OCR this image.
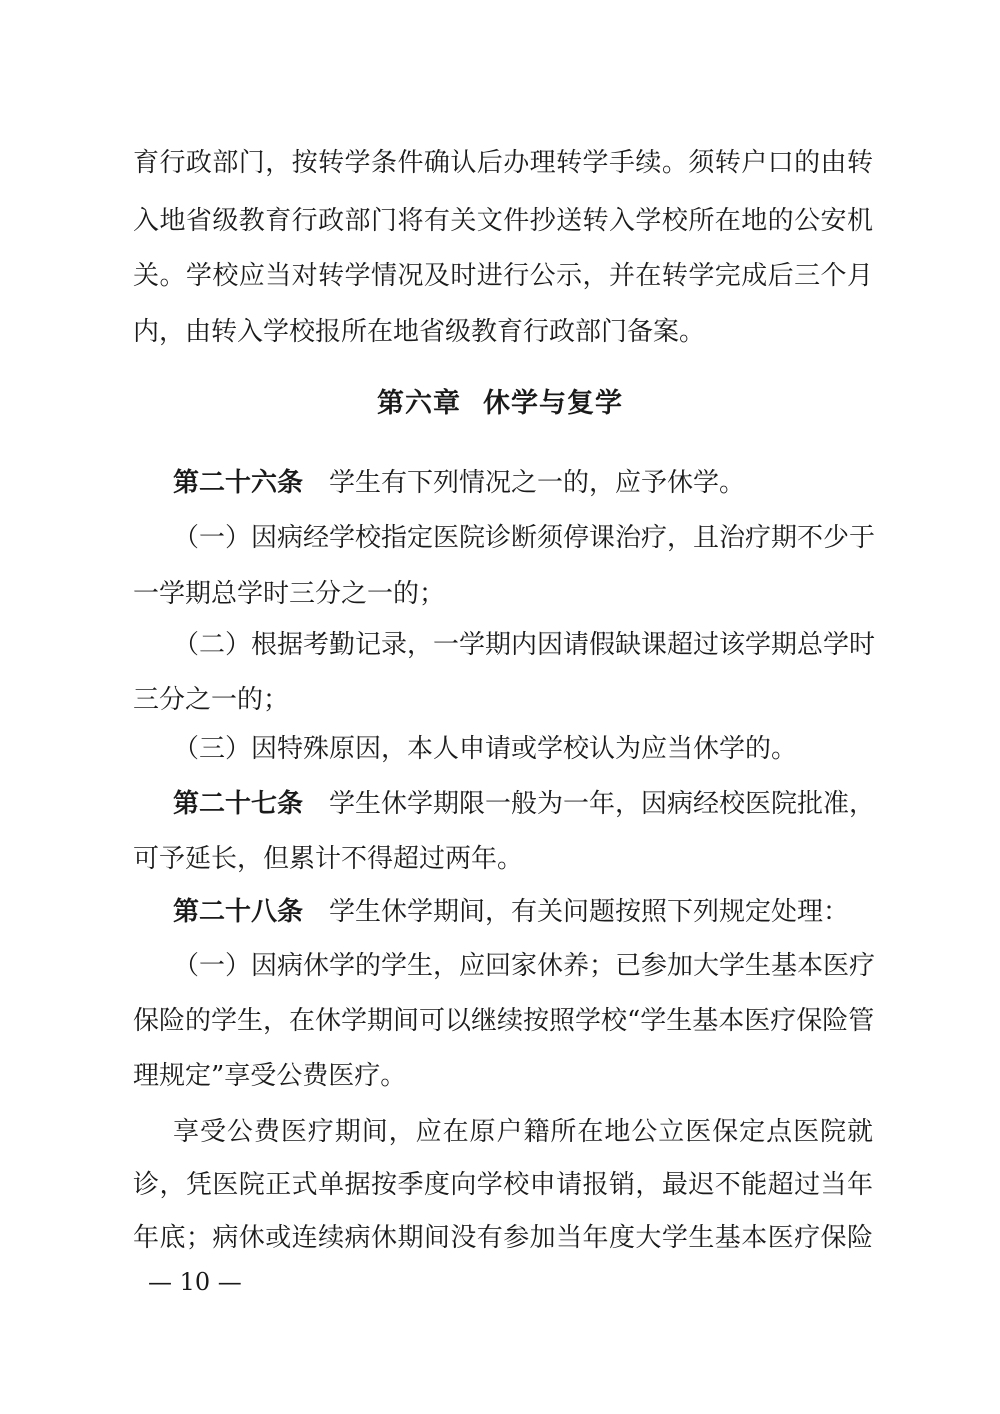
育行政部门，按转学条件确认后办理转学手续。须转户口的由转
入地省级教育行政部门将有关文件抄送转入学校所在地的公安机
关。学校应当对转学情况及时进行公示，并在转学完成后三个月
内，由转入学校报所在地省级教育行政部门备案。
第六章 休学与复学
第二十六条 学生有下列情况之一的，应予休学。
（一）因病经学校指定医院诊断须停课治疗，且治疗期不少于
一学期总学时三分之一的；
（二）根据考勤记录，一学期内因请假缺课超过该学期总学时
三分之一的；
（三）因特殊原因，本人申请或学校认为应当休学的。
第二十七条 学生休学期限一般为一年，因病经校医院批准，
可予延长，但累计不得超过两年。
第二十八条 学生休学期间，有关问题按照下列规定处理：
（一）因病休学的学生，应回家休养；已参加大学生基本医疗
保险的学生，在休学期间可以继续按照学校“学生基本医疗保险管
理规定”享受公费医疗。
享受公费医疗期间，应在原户籍所在地公立医保定点医院就
诊，凭医院正式单据按季度向学校申请报销，最迟不能超过当年
年底；病休或连续病休期间没有参加当年度大学生基本医疗保险
— 10 —
